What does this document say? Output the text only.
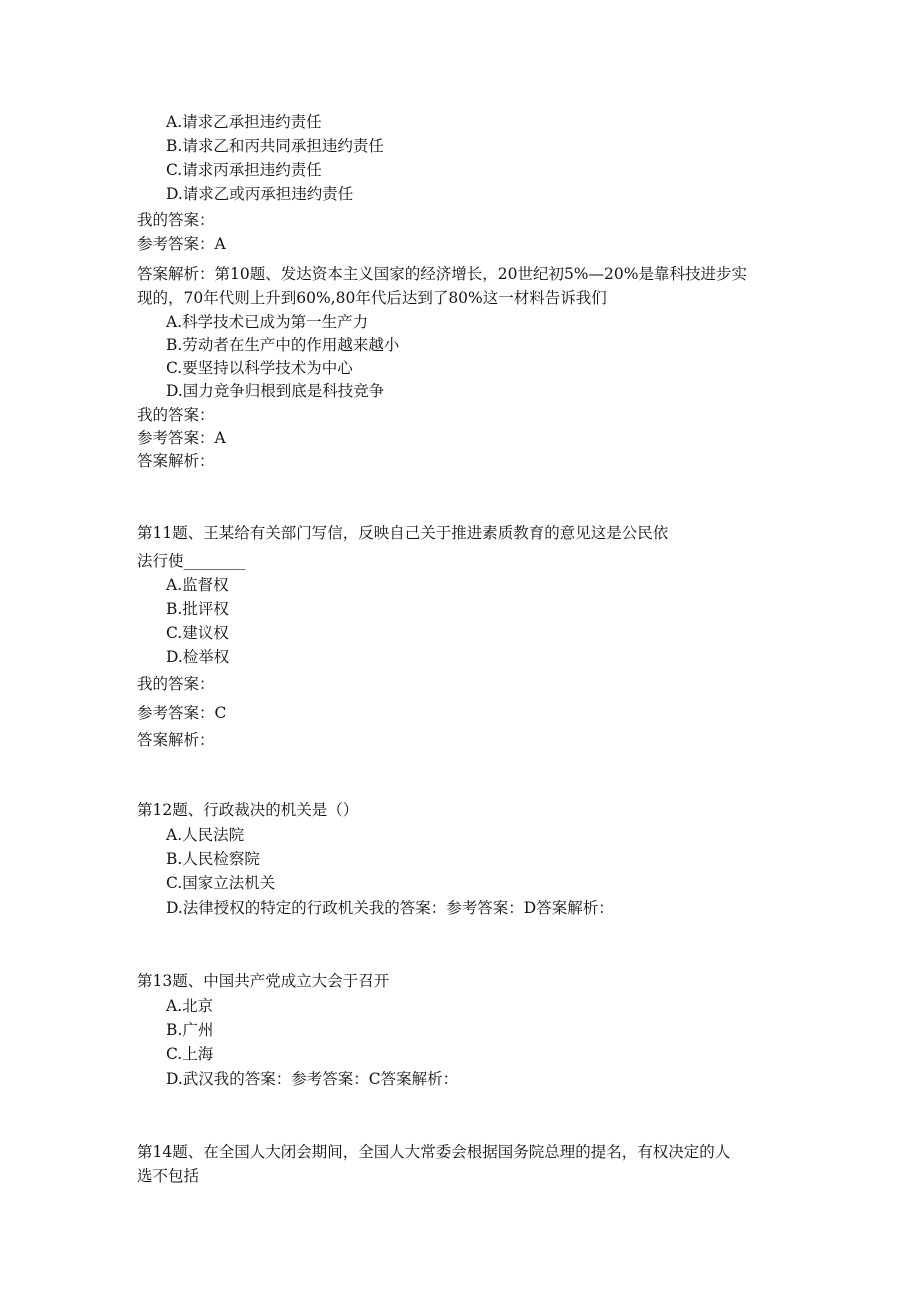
A.请求乙承担违约责任
B.请求乙和丙共同承担违约责任
C.请求丙承担违约责任
D.请求乙或丙承担违约责任
我的答案：
参考答案：A
答案解析：第10题、发达资本主义国家的经济增长，20世纪初5%—20%是靠科技进步实
现的，70年代则上升到60%,80年代后达到了80%这一材料告诉我们
A.科学技术已成为第一生产力
B.劳动者在生产中的作用越来越小
C.要坚持以科学技术为中心
D.国力竞争归根到底是科技竞争
我的答案：
参考答案：A
答案解析：
第11题、王某给有关部门写信，反映自己关于推进素质教育的意见这是公民依
法行使________
A.监督权
B.批评权
C.建议权
D.检举权
我的答案：
参考答案：C
答案解析：
第12题、行政裁决的机关是（）
A.人民法院
B.人民检察院
C.国家立法机关
D.法律授权的特定的行政机关我的答案：参考答案：D答案解析：
第13题、中国共产党成立大会于召开
A.北京
B.广州
C.上海
D.武汉我的答案：参考答案：C答案解析：
第14题、在全国人大闭会期间，全国人大常委会根据国务院总理的提名，有权决定的人
选不包括
